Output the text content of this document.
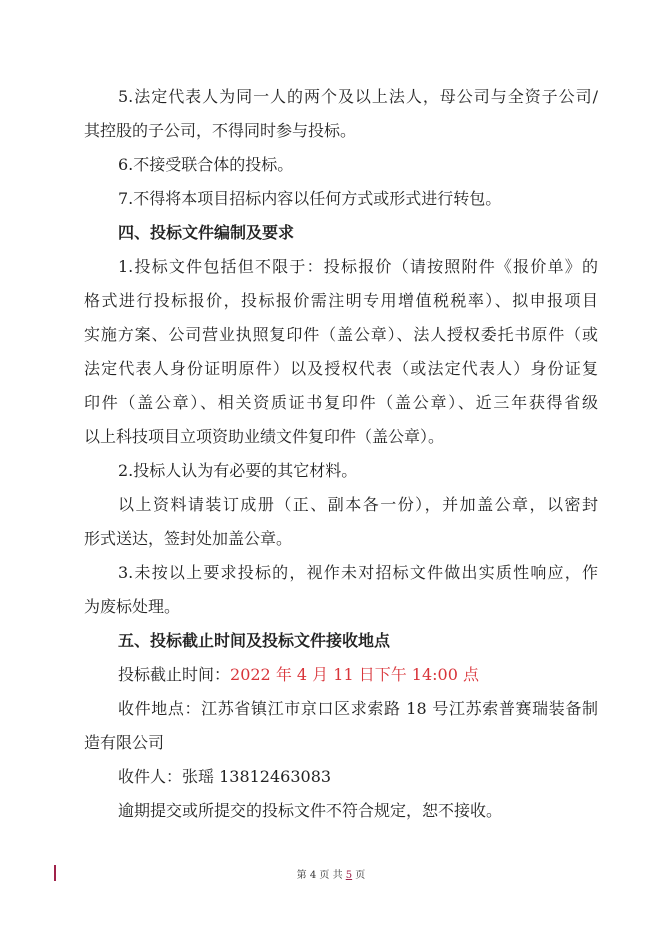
5.法定代表人为同一人的两个及以上法人，母公司与全资子公司/
其控股的子公司，不得同时参与投标。
6.不接受联合体的投标。
7.不得将本项目招标内容以任何方式或形式进行转包。
四、投标文件编制及要求
1.投标文件包括但不限于：投标报价（请按照附件《报价单》的
格式进行投标报价，投标报价需注明专用增值税税率）、拟申报项目
实施方案、公司营业执照复印件（盖公章）、法人授权委托书原件（或
法定代表人身份证明原件）以及授权代表（或法定代表人）身份证复
印件（盖公章）、相关资质证书复印件（盖公章）、近三年获得省级
以上科技项目立项资助业绩文件复印件（盖公章）。
2.投标人认为有必要的其它材料。
以上资料请装订成册（正、副本各一份），并加盖公章，以密封
形式送达，签封处加盖公章。
3.未按以上要求投标的，视作未对招标文件做出实质性响应，作
为废标处理。
五、投标截止时间及投标文件接收地点
投标截止时间：2022 年 4 月 11 日下午 14:00 点
收件地点：江苏省镇江市京口区求索路 18 号江苏索普赛瑞装备制
造有限公司
收件人：张瑶 13812463083
逾期提交或所提交的投标文件不符合规定，恕不接收。
第 4 页 共 5 页
